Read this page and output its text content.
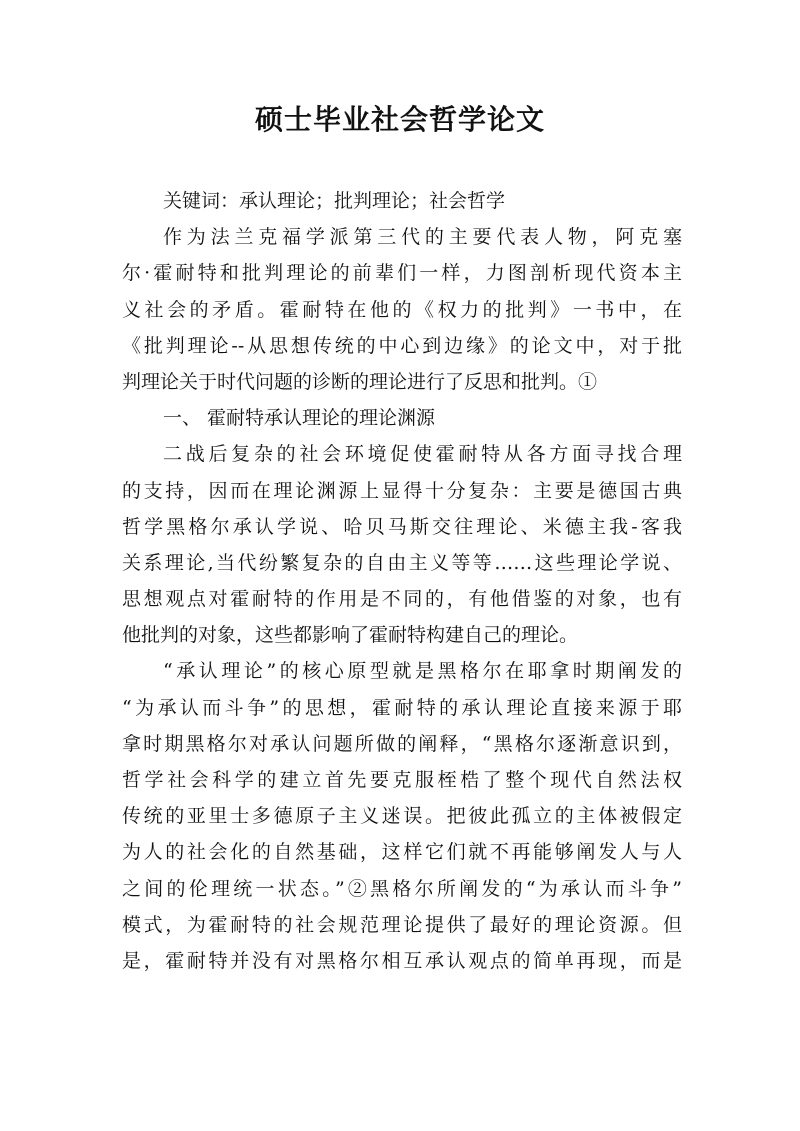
硕士毕业社会哲学论文
关键词：承认理论；批判理论；社会哲学
作为法兰克福学派第三代的主要代表人物，阿克塞
尔·霍耐特和批判理论的前辈们一样，力图剖析现代资本主
义社会的矛盾。霍耐特在他的《权力的批判》一书中，在
《批判理论--从思想传统的中心到边缘》的论文中，对于批
判理论关于时代问题的诊断的理论进行了反思和批判。①
一、 霍耐特承认理论的理论渊源
二战后复杂的社会环境促使霍耐特从各方面寻找合理
的支持，因而在理论渊源上显得十分复杂：主要是德国古典
哲学黑格尔承认学说、哈贝马斯交往理论、米德主我-客我
关系理论,当代纷繁复杂的自由主义等等……这些理论学说、
思想观点对霍耐特的作用是不同的，有他借鉴的对象，也有
他批判的对象，这些都影响了霍耐特构建自己的理论。
“承认理论”的核心原型就是黑格尔在耶拿时期阐发的
“为承认而斗争”的思想，霍耐特的承认理论直接来源于耶
拿时期黑格尔对承认问题所做的阐释，“黑格尔逐渐意识到，
哲学社会科学的建立首先要克服桎梏了整个现代自然法权
传统的亚里士多德原子主义迷误。把彼此孤立的主体被假定
为人的社会化的自然基础，这样它们就不再能够阐发人与人
之间的伦理统一状态。”②黑格尔所阐发的“为承认而斗争”
模式，为霍耐特的社会规范理论提供了最好的理论资源。但
是，霍耐特并没有对黑格尔相互承认观点的简单再现，而是
